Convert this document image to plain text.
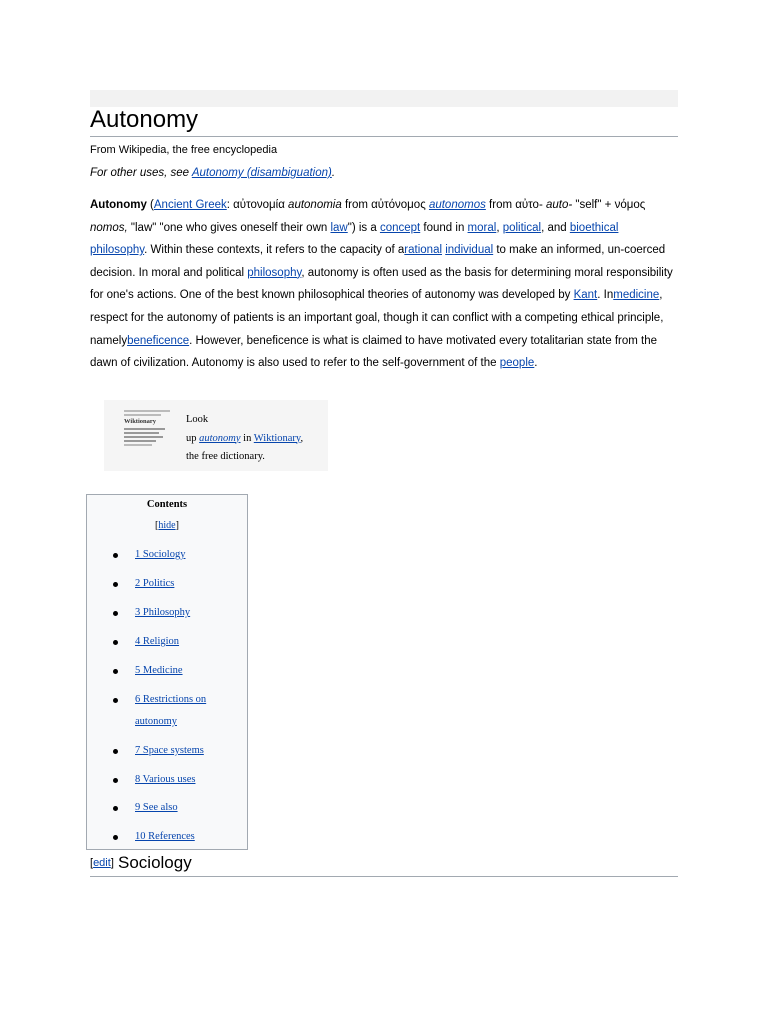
Autonomy
From Wikipedia, the free encyclopedia
For other uses, see Autonomy (disambiguation).

Autonomy (Ancient Greek: αὐτονομία autonomia from αὐτόνομος autonomos from αὐτο- auto- "self" + νόμος nomos, "law" "one who gives oneself their own law") is a concept found in moral, political, and bioethical philosophy. Within these contexts, it refers to the capacity of arational individual to make an informed, un-coerced decision. In moral and political philosophy, autonomy is often used as the basis for determining moral responsibility for one's actions. One of the best known philosophical theories of autonomy was developed by Kant. Inmedicine, respect for the autonomy of patients is an important goal, though it can conflict with a competing ethical principle, namelybeneficence. However, beneficence is what is claimed to have motivated every totalitarian state from the dawn of civilization. Autonomy is also used to refer to the self-government of the people.

Wiktionary	Look
up autonomy in Wiktionary,
the free dictionary.
Contents
[hide]
1 Sociology
2 Politics
3 Philosophy
4 Religion
5 Medicine
6 Restrictions on
autonomy
7 Space systems
8 Various uses
9 See also
10 References
[edit] Sociology
